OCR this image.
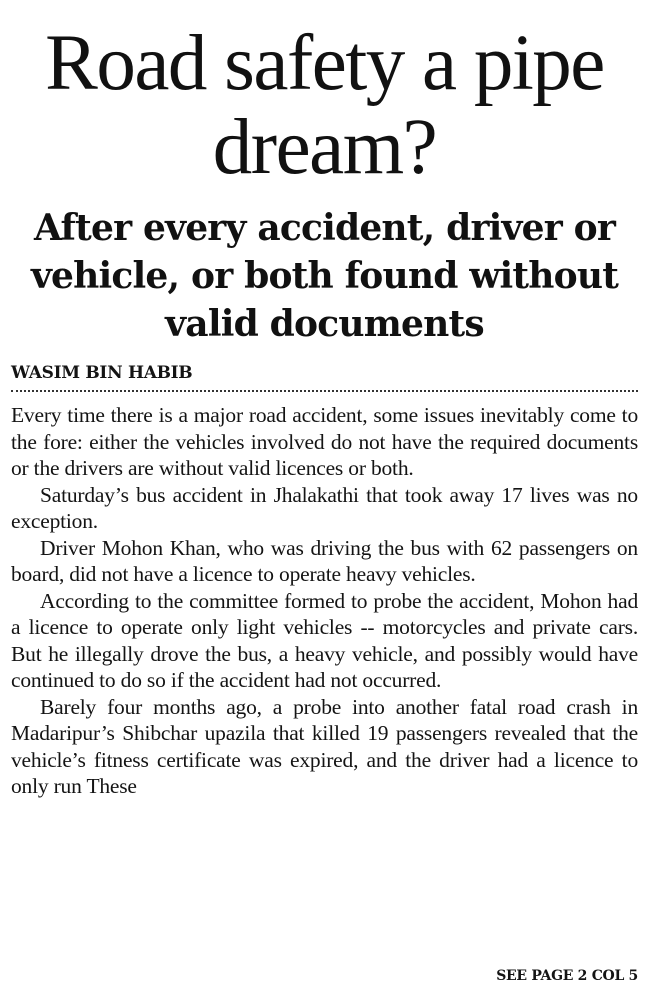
Road safety a pipe dream?
After every accident, driver or vehicle, or both found without valid documents
WASIM BIN HABIB

Every time there is a major road accident, some issues inevitably come to the fore: either the vehicles involved do not have the required documents or the drivers are without valid licences or both.

Saturday’s bus accident in Jhalakathi that took away 17 lives was no exception.

Driver Mohon Khan, who was driving the bus with 62 passengers on board, did not have a licence to operate heavy vehicles.

According to the committee formed to probe the accident, Mohon had a licence to operate only light vehicles -- motorcycles and private cars. But he illegally drove the bus, a heavy vehicle, and possibly would have continued to do so if the accident had not occurred.

Barely four months ago, a probe into another fatal road crash in Madaripur’s Shibchar upazila that killed 19 passengers revealed that the vehicle’s fitness certificate was expired, and the driver had a licence to only run These

SEE PAGE 2 COL 5
